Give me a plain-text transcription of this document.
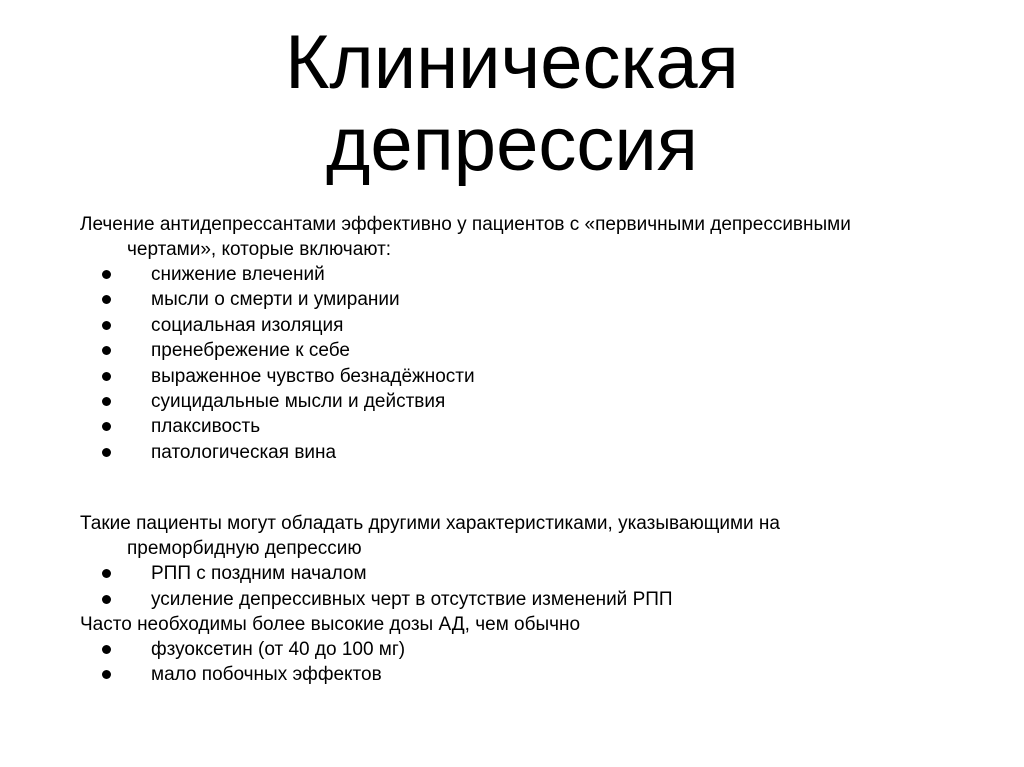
Клиническая
депрессия

Лечение антидепрессантами эффективно у пациентов с «первичными депрессивными
чертами», которые включают:

снижение влечений
мысли о смерти и умирании
социальная изоляция
пренебрежение к себе
выраженное чувство безнадёжности
суицидальные мысли и действия
плаксивость
патологическая вина

Такие пациенты могут обладать другими характеристиками, указывающими на
преморбидную депрессию

РПП с поздним началом
усиление депрессивных черт в отсутствие изменений РПП

Часто необходимы более высокие дозы АД, чем обычно

фзуоксетин (от 40 до 100 мг)
мало побочных эффектов
